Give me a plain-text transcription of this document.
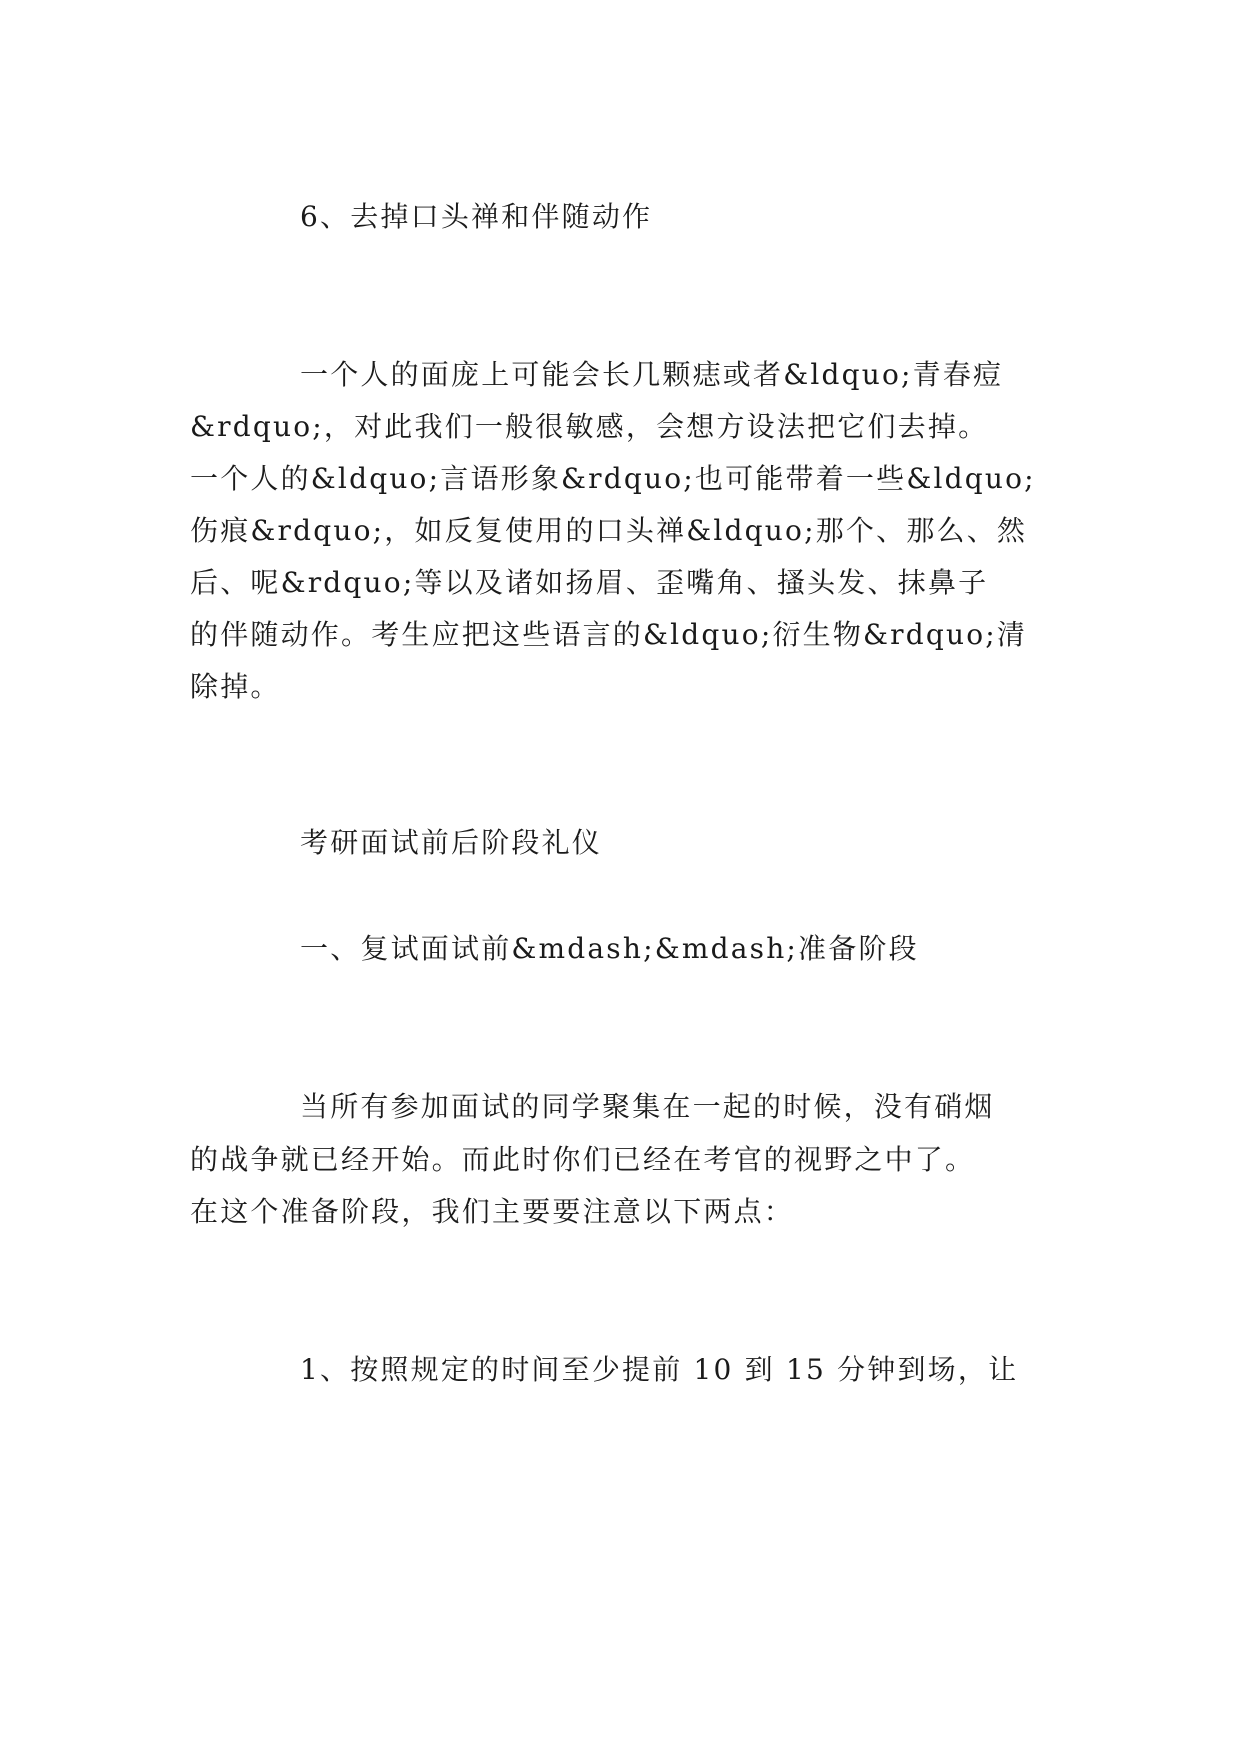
6、去掉口头禅和伴随动作
一个人的面庞上可能会长几颗痣或者&ldquo;青春痘
&rdquo;，对此我们一般很敏感，会想方设法把它们去掉。
一个人的&ldquo;言语形象&rdquo;也可能带着一些&ldquo;
伤痕&rdquo;，如反复使用的口头禅&ldquo;那个、那么、然
后、呢&rdquo;等以及诸如扬眉、歪嘴角、搔头发、抹鼻子
的伴随动作。考生应把这些语言的&ldquo;衍生物&rdquo;清
除掉。
考研面试前后阶段礼仪
一、复试面试前&mdash;&mdash;准备阶段
当所有参加面试的同学聚集在一起的时候，没有硝烟
的战争就已经开始。而此时你们已经在考官的视野之中了。
在这个准备阶段，我们主要要注意以下两点：
1、按照规定的时间至少提前 10 到 15 分钟到场，让
